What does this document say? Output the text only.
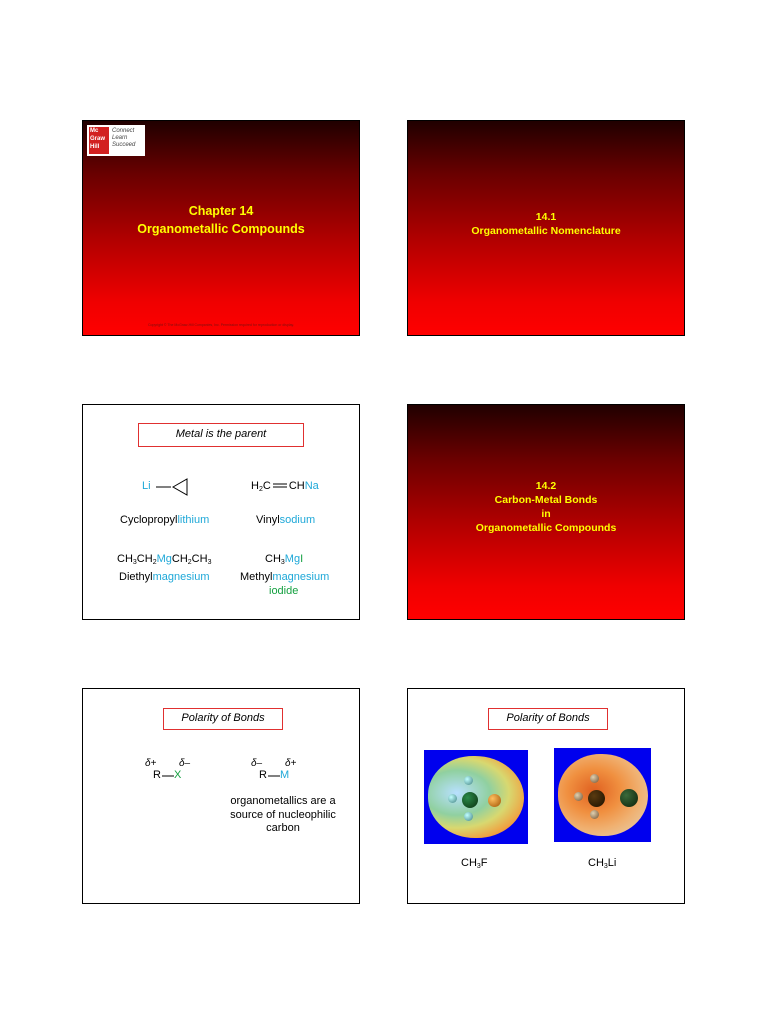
Mc
Graw
Hill
Connect
Learn
Succeed
Chapter 14
Organometallic Compounds
Copyright © The McGraw-Hill Companies, Inc. Permission required for reproduction or display.
14.1
Organometallic Nomenclature
Metal is the parent
Li
Cyclopropyllithium
$H_2C$ CHNa
Vinylsodium
$CH_3CH_2MgCH_2CH_3$
Diethylmagnesium
$CH_3MgI$
Methylmagnesium
iodide
14.2
Carbon-Metal Bonds
in
Organometallic Compounds
Polarity of Bonds
δ+ δ–
R X
δ– δ+
R M
organometallics are a
source of nucleophilic
carbon
Polarity of Bonds
$CH_3F$	$CH_3Li$
